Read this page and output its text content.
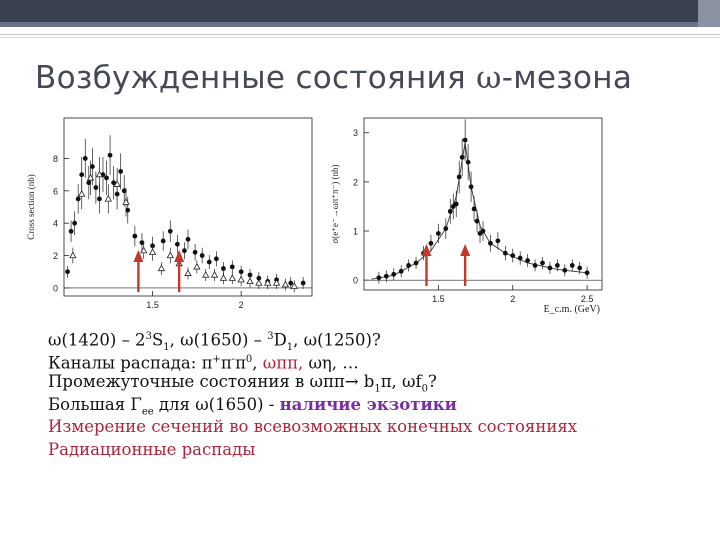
Возбужденные состояния ω-мезона
0
2
4
6
8
1.5	2
Cross section (nb)
0
1
2
3
1.5	2	2.5
σ(e⁺e⁻→ωπ⁺π⁻) (nb)
E_c.m. (GeV)
$\omega(1420) - 2^3S_1$, $\omega(1650) - ^3D_1$, ω(1250)?
Каналы распада: $\pi^+\pi^-\pi^0$, ωππ, ωη, …
Промежуточные состояния в $\omega\pi\pi\to b_1\pi$, $\omega f_0$?
Большая $\Gamma_{ee}$ для ω(1650) - наличие экзотики
Измерение сечений во всевозможных конечных состояниях
Радиационные распады
